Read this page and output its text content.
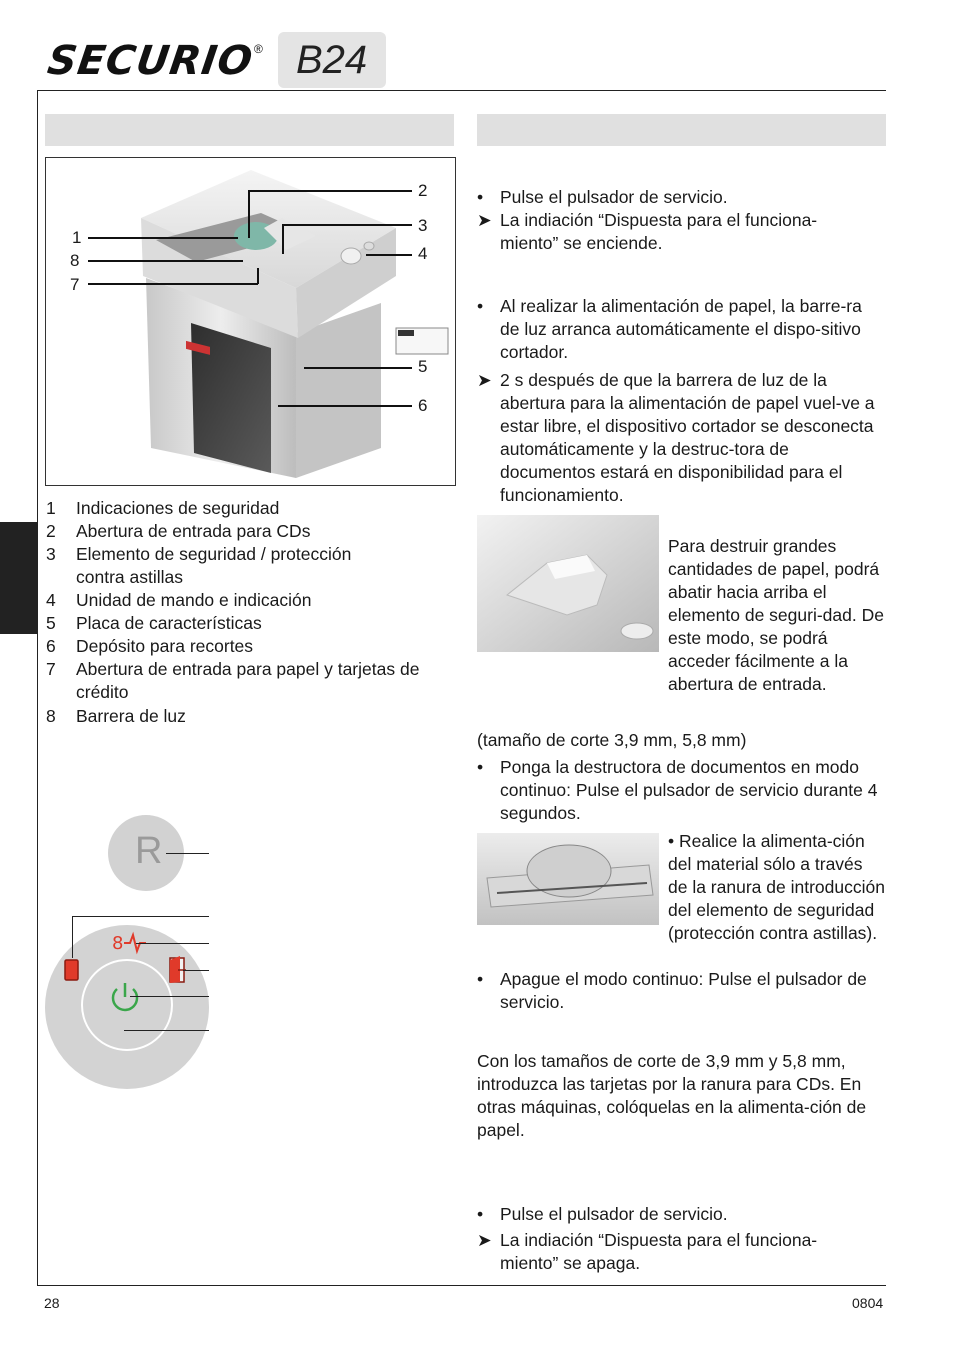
SECURIO
® B24
1
8
7
2
3
4
5
6
1	Indicaciones de seguridad
2	Abertura de entrada para CDs
3	Elemento de seguridad / protección contra astillas
4	Unidad de mando e indicación
5	Placa de características
6	Depósito para recortes
7	Abertura de entrada para papel y tarjetas de crédito
8	Barrera de luz
R
8
• Pulse el pulsador de servicio.
➤ La indiación “Dispuesta para el funciona-miento” se enciende.
• Al realizar la alimentación de papel, la barre-ra de luz arranca automáticamente el dispo-sitivo cortador.
➤ 2 s después de que la barrera de luz de la abertura para la alimentación de papel vuel-ve a estar libre, el dispositivo cortador se desconecta automáticamente y la destruc-tora de documentos estará en disponibilidad para el funcionamiento.
Para destruir grandes cantidades de papel, podrá abatir hacia arriba el elemento de seguri-dad. De este modo, se podrá acceder fácilmente a la abertura de entrada.
(tamaño de corte 3,9 mm, 5,8 mm)
• Ponga la destructora de documentos en modo continuo: Pulse el pulsador de servicio durante 4 segundos.
• Realice la alimenta-ción del material sólo a través de la ranura de introducción del elemento de seguridad (protección contra astillas).
• Apague el modo continuo: Pulse el pulsador de servicio.
Con los tamaños de corte de 3,9 mm y 5,8 mm, introduzca las tarjetas por la ranura para CDs. En otras máquinas, colóquelas en la alimenta-ción de papel.
• Pulse el pulsador de servicio.
➤ La indiación “Dispuesta para el funciona-miento” se apaga.
28	0804
